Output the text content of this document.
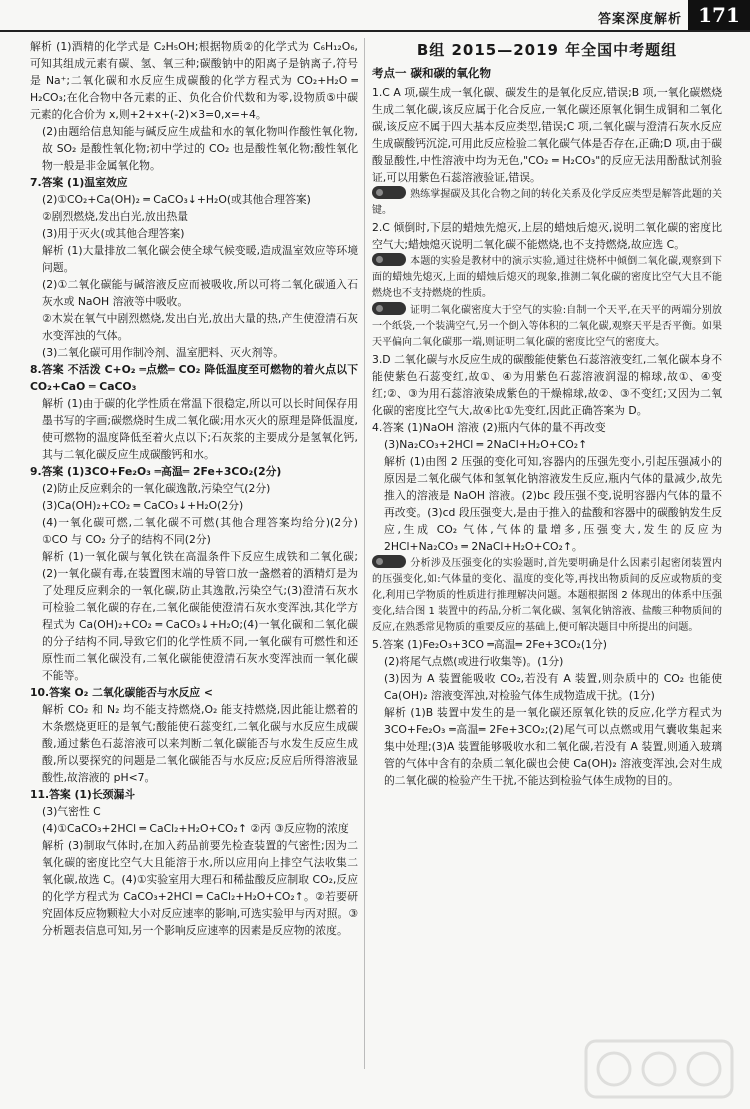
答案深度解析 171

解析 (1)酒精的化学式是 C₂H₅OH;根据物质②的化学式为 C₆H₁₂O₆,可知其组成元素有碳、氢、氧三种;碳酸钠中的阳离子是钠离子,符号是 Na⁺;二氧化碳和水反应生成碳酸的化学方程式为 CO₂+H₂O ═ H₂CO₃;在化合物中各元素的正、负化合价代数和为零,设物质⑤中碳元素的化合价为 x,则+2+x+(-2)×3=0,x=+4。

(2)由题给信息知能与碱反应生成盐和水的氧化物叫作酸性氧化物,故 SO₂ 是酸性氧化物;初中学过的 CO₂ 也是酸性氧化物;酸性氧化物一般是非金属氧化物。

7.答案 (1)温室效应

(2)①CO₂+Ca(OH)₂ ═ CaCO₃↓+H₂O(或其他合理答案)

②剧烈燃烧,发出白光,放出热量

(3)用于灭火(或其他合理答案)

解析 (1)大量排放二氧化碳会使全球气候变暖,造成温室效应等环境问题。

(2)①二氧化碳能与碱溶液反应而被吸收,所以可将二氧化碳通入石灰水或 NaOH 溶液等中吸收。

②木炭在氧气中剧烈燃烧,发出白光,放出大量的热,产生使澄清石灰水变浑浊的气体。

(3)二氧化碳可用作制冷剂、温室肥料、灭火剂等。

8.答案 不活泼 C+O₂ ═点燃═ CO₂ 降低温度至可燃物的着火点以下 CO₂+CaO ═ CaCO₃

解析 (1)由于碳的化学性质在常温下很稳定,所以可以长时间保存用墨书写的字画;碳燃烧时生成二氧化碳;用水灭火的原理是降低温度,使可燃物的温度降低至着火点以下;石灰浆的主要成分是氢氧化钙,其与二氧化碳反应生成碳酸钙和水。

9.答案 (1)3CO+Fe₂O₃ ═高温═ 2Fe+3CO₂(2分)

(2)防止反应剩余的一氧化碳逸散,污染空气(2分)

(3)Ca(OH)₂+CO₂ ═ CaCO₃↓+H₂O(2分)

(4)一氧化碳可燃,二氧化碳不可燃(其他合理答案均给分)(2分) ①CO 与 CO₂ 分子的结构不同(2分)

解析 (1)一氧化碳与氧化铁在高温条件下反应生成铁和二氧化碳;(2)一氧化碳有毒,在装置图末端的导管口放一盏燃着的酒精灯是为了处理反应剩余的一氧化碳,防止其逸散,污染空气;(3)澄清石灰水可检验二氧化碳的存在,二氧化碳能使澄清石灰水变浑浊,其化学方程式为 Ca(OH)₂+CO₂ ═ CaCO₃↓+H₂O;(4)一氧化碳和二氧化碳的分子结构不同,导致它们的化学性质不同,一氧化碳有可燃性和还原性而二氧化碳没有,二氧化碳能使澄清石灰水变浑浊而一氧化碳不能等。

10.答案 O₂ 二氧化碳能否与水反应 <

解析 CO₂ 和 N₂ 均不能支持燃烧,O₂ 能支持燃烧,因此能让燃着的木条燃烧更旺的是氧气;酸能使石蕊变红,二氧化碳与水反应生成碳酸,通过紫色石蕊溶液可以来判断二氧化碳能否与水发生反应生成酸,所以要探究的问题是二氧化碳能否与水反应;反应后所得溶液显酸性,故溶液的 pH<7。

11.答案 (1)长颈漏斗

(3)气密性 C

(4)①CaCO₃+2HCl ═ CaCl₂+H₂O+CO₂↑ ②丙 ③反应物的浓度

解析 (3)制取气体时,在加入药品前要先检查装置的气密性;因为二氧化碳的密度比空气大且能溶于水,所以应用向上排空气法收集二氧化碳,故选 C。(4)①实验室用大理石和稀盐酸反应制取 CO₂,反应的化学方程式为 CaCO₃+2HCl ═ CaCl₂+H₂O+CO₂↑。②若要研究固体反应物颗粒大小对反应速率的影响,可选实验甲与丙对照。③分析题表信息可知,另一个影响反应速率的因素是反应物的浓度。

B组 2015—2019 年全国中考题组
考点一 碳和碳的氧化物

1.C A 项,碳生成一氧化碳、碳发生的是氧化反应,错误;B 项,一氧化碳燃烧生成二氧化碳,该反应属于化合反应,一氧化碳还原氧化铜生成铜和二氧化碳,该反应不属于四大基本反应类型,错误;C 项,二氧化碳与澄清石灰水反应生成碳酸钙沉淀,可用此反应检验二氧化碳气体是否存在,正确;D 项,由于碳酸显酸性,中性溶液中均为无色,"CO₂ ═ H₂CO₃"的反应无法用酚酞试剂验证,可以用紫色石蕊溶液验证,错误。

熟练掌握碳及其化合物之间的转化关系及化学反应类型是解答此题的关键。

2.C 倾倒时,下层的蜡烛先熄灭,上层的蜡烛后熄灭,说明二氧化碳的密度比空气大;蜡烛熄灭说明二氧化碳不能燃烧,也不支持燃烧,故应选 C。

本题的实验是教材中的演示实验,通过往烧杯中倾倒二氧化碳,观察到下面的蜡烛先熄灭,上面的蜡烛后熄灭的现象,推测二氧化碳的密度比空气大且不能燃烧也不支持燃烧的性质。

证明二氧化碳密度大于空气的实验:自制一个天平,在天平的两端分别放一个纸袋,一个装满空气,另一个倒入等体积的二氧化碳,观察天平是否平衡。如果天平偏向二氧化碳那一端,则证明二氧化碳的密度比空气的密度大。

3.D 二氧化碳与水反应生成的碳酸能使紫色石蕊溶液变红,二氧化碳本身不能使紫色石蕊变红,故①、④为用紫色石蕊溶液润湿的棉球,故①、④变红;②、③为用石蕊溶液染成紫色的干燥棉球,故②、③不变红;又因为二氧化碳的密度比空气大,故④比①先变红,因此正确答案为 D。

4.答案 (1)NaOH 溶液 (2)瓶内气体的量不再改变

(3)Na₂CO₃+2HCl ═ 2NaCl+H₂O+CO₂↑

解析 (1)由图 2 压强的变化可知,容器内的压强先变小,引起压强减小的原因是二氧化碳气体和氢氧化钠溶液发生反应,瓶内气体的量减少,故先推入的溶液是 NaOH 溶液。(2)bc 段压强不变,说明容器内气体的量不再改变。(3)cd 段压强变大,是由于推入的盐酸和容器中的碳酸钠发生反应,生成 CO₂ 气体,气体的量增多,压强变大,发生的反应为 2HCl+Na₂CO₃ ═ 2NaCl+H₂O+CO₂↑。

分析涉及压强变化的实验题时,首先要明确是什么因素引起密闭装置内的压强变化,如:气体量的变化、温度的变化等,再找出物质间的反应或物质的变化,利用已学物质的性质进行推理解决问题。本题根据图 2 体现出的体系中压强变化,结合图 1 装置中的药品,分析二氧化碳、氢氧化钠溶液、盐酸三种物质间的反应,在熟悉常见物质的重要反应的基础上,便可解决题目中所提出的问题。

5.答案 (1)Fe₂O₃+3CO ═高温═ 2Fe+3CO₂(1分)

(2)将尾气点燃(或进行收集等)。(1分)

(3)因为 A 装置能吸收 CO₂,若没有 A 装置,则杂质中的 CO₂ 也能使 Ca(OH)₂ 溶液变浑浊,对检验气体生成物造成干扰。(1分)

解析 (1)B 装置中发生的是一氧化碳还原氧化铁的反应,化学方程式为 3CO+Fe₂O₃ ═高温═ 2Fe+3CO₂;(2)尾气可以点燃或用气囊收集起来集中处理;(3)A 装置能够吸收水和二氧化碳,若没有 A 装置,则通入玻璃管的气体中含有的杂质二氧化碳也会使 Ca(OH)₂ 溶液变浑浊,会对生成的二氧化碳的检验产生干扰,不能达到检验气体生成物的目的。
